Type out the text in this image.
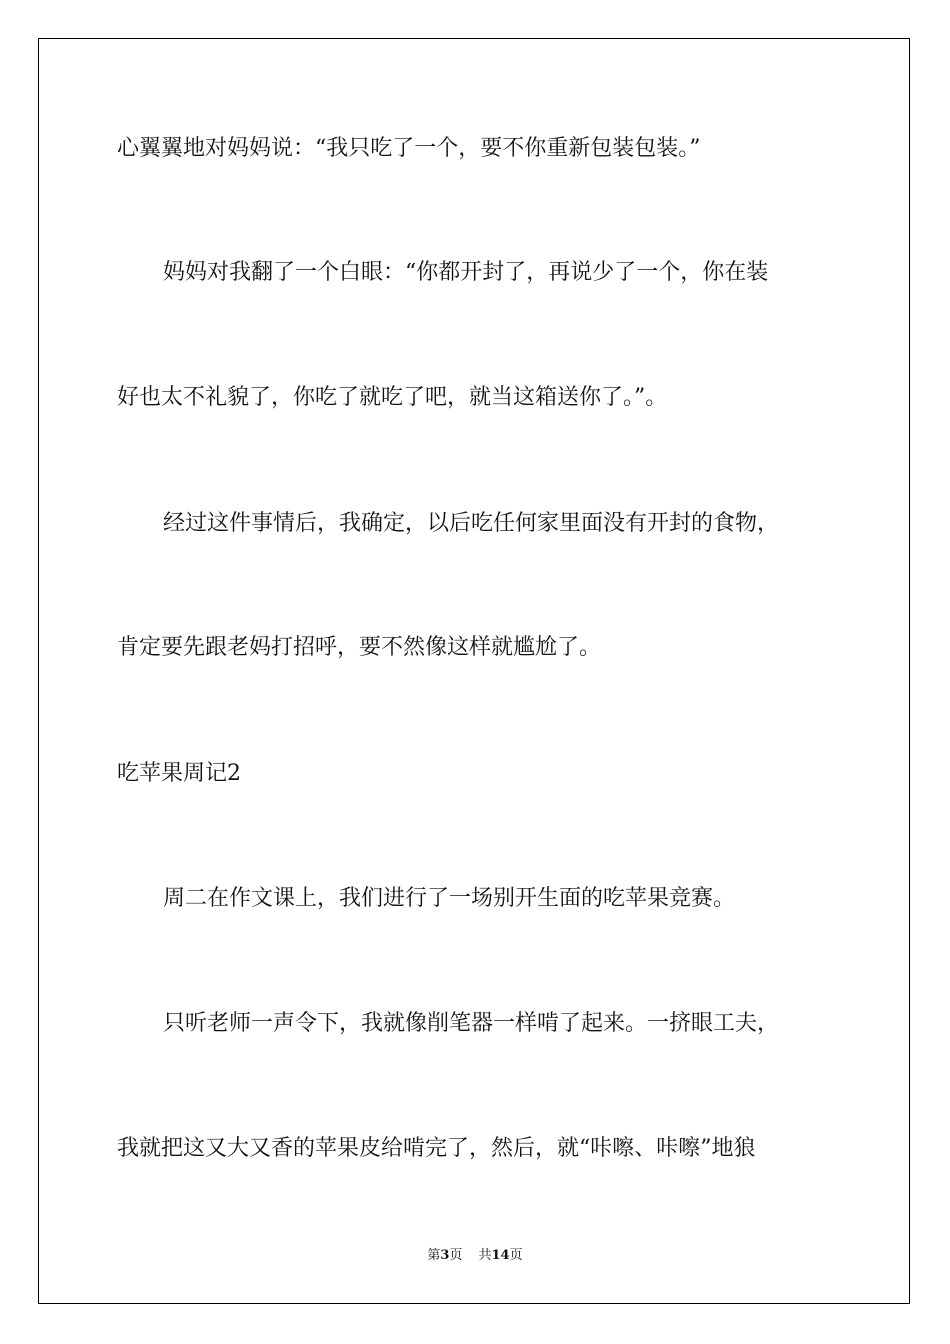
心翼翼地对妈妈说：“我只吃了一个，要不你重新包装包装。”

妈妈对我翻了一个白眼：“你都开封了，再说少了一个，你在装

好也太不礼貌了，你吃了就吃了吧，就当这箱送你了。”。

经过这件事情后，我确定，以后吃任何家里面没有开封的食物，

肯定要先跟老妈打招呼，要不然像这样就尴尬了。

吃苹果周记2

周二在作文课上，我们进行了一场别开生面的吃苹果竞赛。

只听老师一声令下，我就像削笔器一样啃了起来。一挤眼工夫，

我就把这又大又香的苹果皮给啃完了，然后，就“咔嚓、咔嚓”地狼

第3页 共14页
